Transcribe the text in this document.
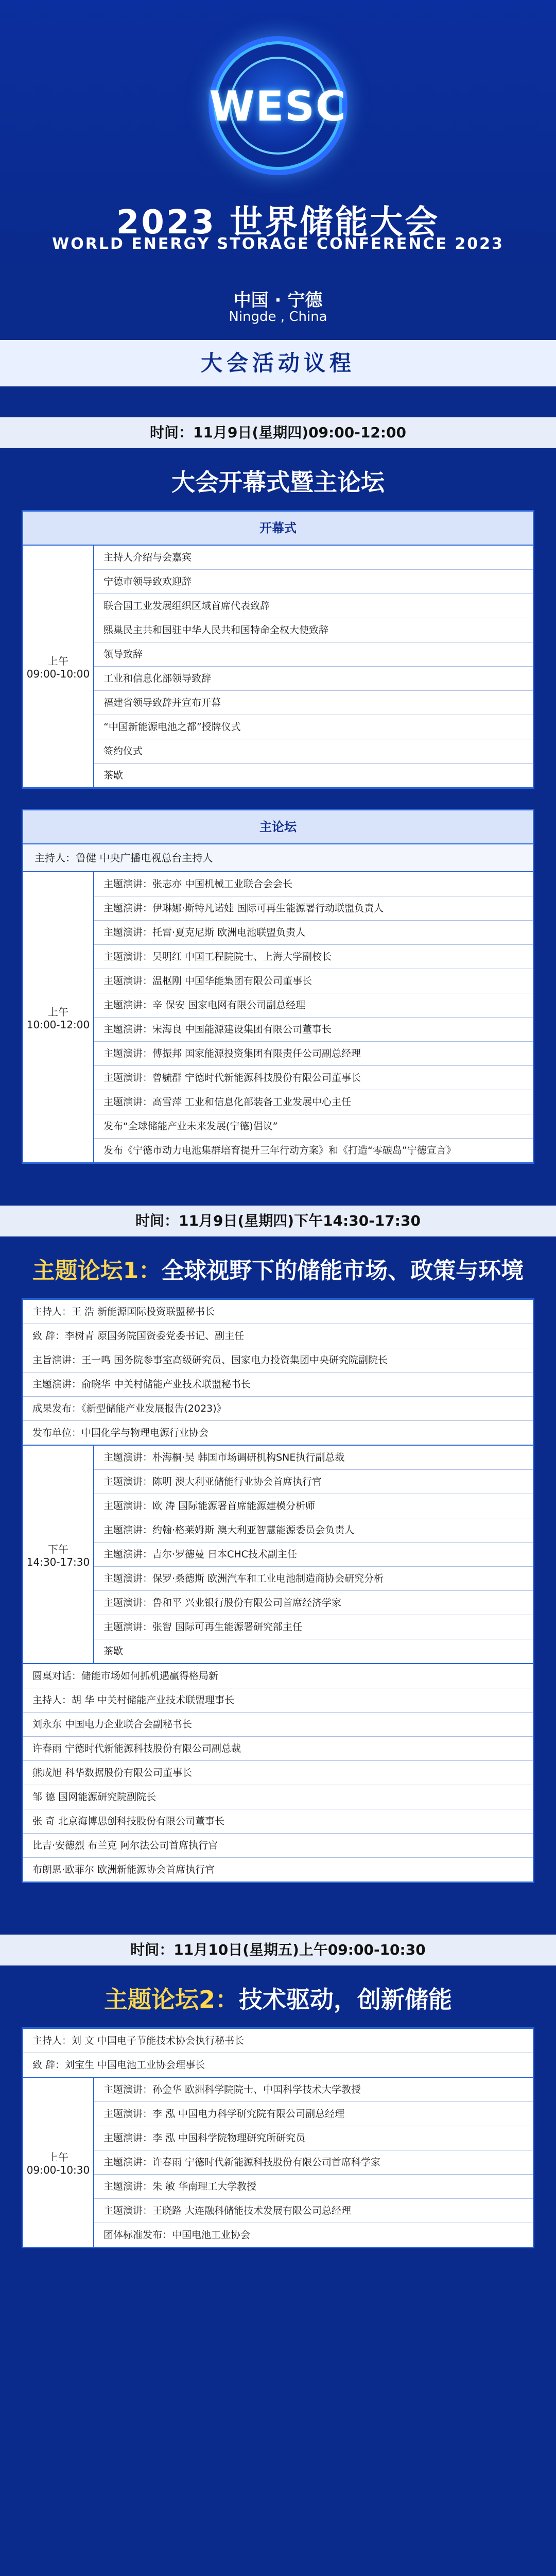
WESC
2023 世界储能大会
WORLD ENERGY STORAGE CONFERENCE 2023
中国 · 宁德
Ningde , China
大会活动议程
时间：11月9日(星期四)09:00-12:00
大会开幕式暨主论坛
开幕式
上午
09:00-10:00
主持人介绍与会嘉宾
宁德市领导致欢迎辞
联合国工业发展组织区域首席代表致辞
熙巢民主共和国驻中华人民共和国特命全权大使致辞
领导致辞
工业和信息化部领导致辞
福建省领导致辞并宣布开幕
“中国新能源电池之都”授牌仪式
签约仪式
茶歇
主论坛
主持人：鲁健 中央广播电视总台主持人
上午
10:00-12:00
主题演讲：张志亦 中国机械工业联合会会长
主题演讲：伊琳娜·斯特凡诺娃 国际可再生能源署行动联盟负责人
主题演讲：托雷·夏克尼斯 欧洲电池联盟负责人
主题演讲：吴明红 中国工程院院士、上海大学副校长
主题演讲：温枢刚 中国华能集团有限公司董事长
主题演讲：辛 保安 国家电网有限公司副总经理
主题演讲：宋海良 中国能源建设集团有限公司董事长
主题演讲：傅振邦 国家能源投资集团有限责任公司副总经理
主题演讲：曾毓群 宁德时代新能源科技股份有限公司董事长
主题演讲：高雪萍 工业和信息化部装备工业发展中心主任
发布“全球储能产业未来发展(宁德)倡议”
发布《宁德市动力电池集群培育提升三年行动方案》和《打造“零碳岛”宁德宣言》
时间：11月9日(星期四)下午14:30-17:30
主题论坛1：全球视野下的储能市场、政策与环境
主持人：王 浩 新能源国际投资联盟秘书长
致 辞：李树青 原国务院国资委党委书记、副主任
主旨演讲：王一鸣 国务院参事室高级研究员、国家电力投资集团中央研究院副院长
主题演讲：俞晓华 中关村储能产业技术联盟秘书长
成果发布：《新型储能产业发展报告(2023)》
发布单位：中国化学与物理电源行业协会
下午
14:30-17:30
主题演讲：朴海桐·吴 韩国市场调研机构SNE执行副总裁
主题演讲：陈明 澳大利亚储能行业协会首席执行官
主题演讲：欧 涛 国际能源署首席能源建模分析师
主题演讲：约翰·格莱姆斯 澳大利亚智慧能源委员会负责人
主题演讲：吉尔·罗德曼 日本CHC技术副主任
主题演讲：保罗·桑德斯 欧洲汽车和工业电池制造商协会研究分析
主题演讲：鲁和平 兴业银行股份有限公司首席经济学家
主题演讲：张智 国际可再生能源署研究部主任
茶歇
圆桌对话：储能市场如何抓机遇赢得格局新
主持人：胡 华 中关村储能产业技术联盟理事长
刘永东 中国电力企业联合会副秘书长
许春雨 宁德时代新能源科技股份有限公司副总裁
熊成旭 科华数据股份有限公司董事长
邹 德 国网能源研究院副院长
张 奇 北京海博思创科技股份有限公司董事长
比吉·安德烈 布兰克 阿尔法公司首席执行官
布朗恩·欧菲尔 欧洲新能源协会首席执行官
时间：11月10日(星期五)上午09:00-10:30
主题论坛2：技术驱动，创新储能
主持人：刘 文 中国电子节能技术协会执行秘书长
致 辞：刘宝生 中国电池工业协会理事长
上午
09:00-10:30
主题演讲：孙金华 欧洲科学院院士、中国科学技术大学教授
主题演讲：李 泓 中国电力科学研究院有限公司副总经理
主题演讲：李 泓 中国科学院物理研究所研究员
主题演讲：许春雨 宁德时代新能源科技股份有限公司首席科学家
主题演讲：朱 敏 华南理工大学教授
主题演讲：王晓路 大连融科储能技术发展有限公司总经理
团体标准发布：中国电池工业协会
